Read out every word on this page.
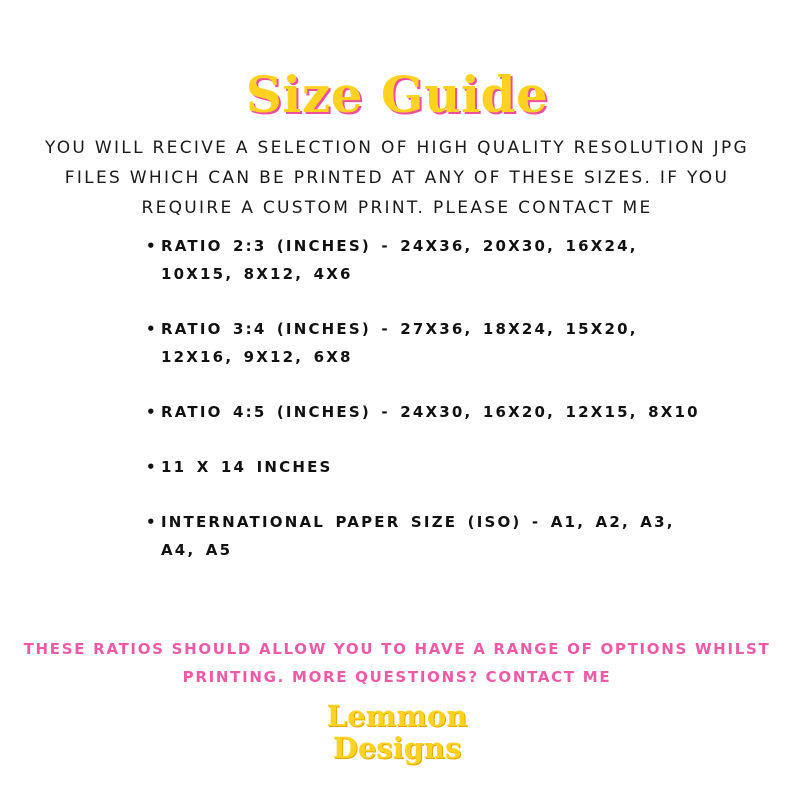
Size Guide

YOU WILL RECIVE A SELECTION OF HIGH QUALITY RESOLUTION JPG FILES WHICH CAN BE PRINTED AT ANY OF THESE SIZES. IF YOU REQUIRE A CUSTOM PRINT. PLEASE CONTACT ME

• RATIO 2:3 (INCHES) - 24X36, 20X30, 16X24, 10X15, 8X12, 4X6
• RATIO 3:4 (INCHES) - 27X36, 18X24, 15X20, 12X16, 9X12, 6X8
• RATIO 4:5 (INCHES) - 24X30, 16X20, 12X15, 8X10
• 11 X 14 INCHES
• INTERNATIONAL PAPER SIZE (ISO) - A1, A2, A3, A4, A5

THESE RATIOS SHOULD ALLOW YOU TO HAVE A RANGE OF OPTIONS WHILST PRINTING. MORE QUESTIONS? CONTACT ME

Lemmon
Designs
